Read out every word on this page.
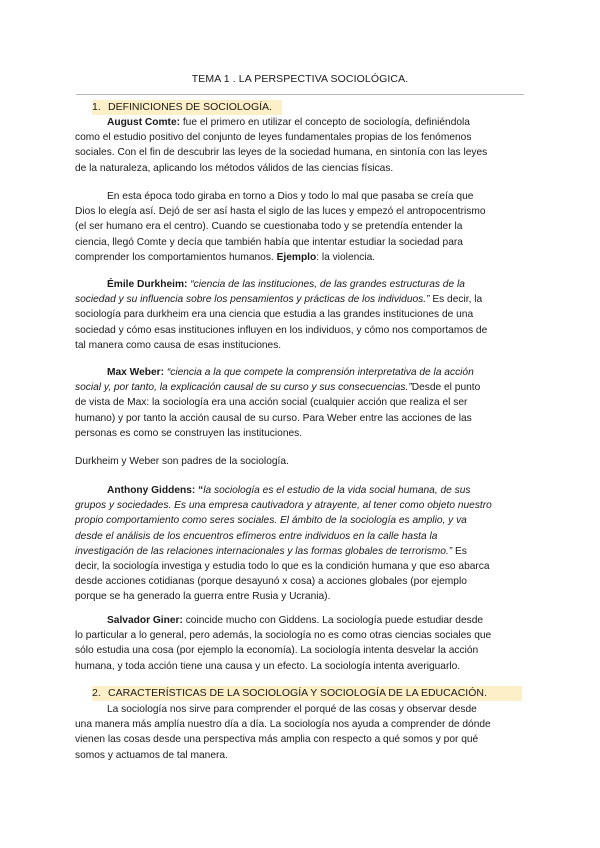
TEMA 1 . LA PERSPECTIVA SOCIOLÓGICA.
1. DEFINICIONES DE SOCIOLOGÍA.

August Comte: fue el primero en utilizar el concepto de sociología, definiéndola

como el estudio positivo del conjunto de leyes fundamentales propias de los fenómenos

sociales. Con el fin de descubrir las leyes de la sociedad humana, en sintonía con las leyes

de la naturaleza, aplicando los métodos válidos de las ciencias físicas.

En esta época todo giraba en torno a Dios y todo lo mal que pasaba se creía que

Dios lo elegía así. Dejó de ser así hasta el siglo de las luces y empezó el antropocentrismo

(el ser humano era el centro). Cuando se cuestionaba todo y se pretendía entender la

ciencia, llegó Comte y decía que también había que intentar estudiar la sociedad para

comprender los comportamientos humanos. Ejemplo: la violencia.

Émile Durkheim: “ciencia de las instituciones, de las grandes estructuras de la

sociedad y su influencia sobre los pensamientos y prácticas de los individuos.” Es decir, la

sociología para durkheim era una ciencia que estudia a las grandes instituciones de una

sociedad y cómo esas instituciones influyen en los individuos, y cómo nos comportamos de

tal manera como causa de esas instituciones.

Max Weber: “ciencia a la que compete la comprensión interpretativa de la acción

social y, por tanto, la explicación causal de su curso y sus consecuencias.”Desde el punto

de vista de Max: la sociología era una acción social (cualquier acción que realiza el ser

humano) y por tanto la acción causal de su curso. Para Weber entre las acciones de las

personas es como se construyen las instituciones.

Durkheim y Weber son padres de la sociología.

Anthony Giddens: “la sociología es el estudio de la vida social humana, de sus

grupos y sociedades. Es una empresa cautivadora y atrayente, al tener como objeto nuestro

propio comportamiento como seres sociales. El ámbito de la sociología es amplio, y va

desde el análisis de los encuentros efímeros entre individuos en la calle hasta la

investigación de las relaciones internacionales y las formas globales de terrorismo.” Es

decir, la sociología investiga y estudia todo lo que es la condición humana y que eso abarca

desde acciones cotidianas (porque desayunó x cosa) a acciones globales (por ejemplo

porque se ha generado la guerra entre Rusia y Ucrania).

Salvador Giner: coincide mucho con Giddens. La sociología puede estudiar desde

lo particular a lo general, pero además, la sociología no es como otras ciencias sociales que

sólo estudia una cosa (por ejemplo la economía). La sociología intenta desvelar la acción

humana, y toda acción tiene una causa y un efecto. La sociología intenta averiguarlo.

2. CARACTERÍSTICAS DE LA SOCIOLOGÍA Y SOCIOLOGÍA DE LA EDUCACIÓN.

La sociología nos sirve para comprender el porqué de las cosas y observar desde

una manera más amplía nuestro día a día. La sociología nos ayuda a comprender de dónde

vienen las cosas desde una perspectiva más amplia con respecto a qué somos y por qué

somos y actuamos de tal manera.
